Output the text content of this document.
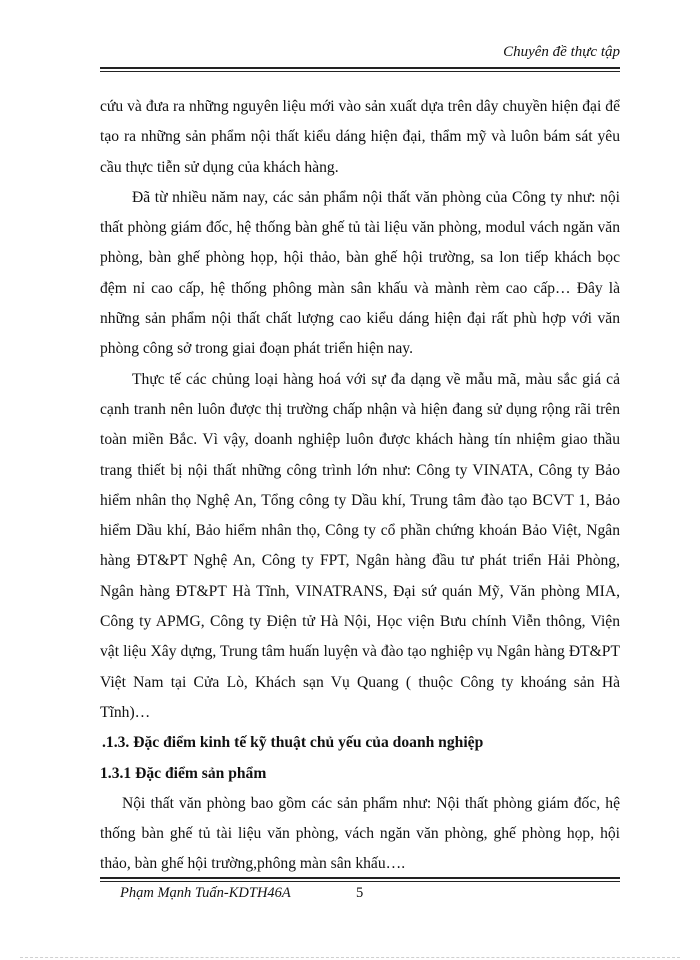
Chuyên đề thực tập

cứu và đưa ra những nguyên liệu mới vào sản xuất dựa trên dây chuyền hiện đại để tạo ra những sản phẩm nội thất kiểu dáng hiện đại, thẩm mỹ và luôn bám sát yêu cầu thực tiễn sử dụng của khách hàng.

Đã từ nhiều năm nay, các sản phẩm nội thất văn phòng của Công ty như: nội thất phòng giám đốc, hệ thống bàn ghế tủ tài liệu văn phòng, modul vách ngăn văn phòng, bàn ghế phòng họp, hội thảo, bàn ghế hội trường, sa lon tiếp khách bọc đệm nỉ cao cấp, hệ thống phông màn sân khấu và mành rèm cao cấp… Đây là những sản phẩm nội thất chất lượng cao kiểu dáng hiện đại rất phù hợp với văn phòng công sở trong giai đoạn phát triển hiện nay.

Thực tế các chủng loại hàng hoá với sự đa dạng về mẫu mã, màu sắc giá cả cạnh tranh nên luôn được thị trường chấp nhận và hiện đang sử dụng rộng rãi trên toàn miền Bắc. Vì vậy, doanh nghiệp luôn được khách hàng tín nhiệm giao thầu trang thiết bị nội thất những công trình lớn như: Công ty VINATA, Công ty Bảo hiểm nhân thọ Nghệ An, Tổng công ty Dầu khí, Trung tâm đào tạo BCVT 1, Bảo hiểm Dầu khí, Bảo hiểm nhân thọ, Công ty cổ phần chứng khoán Bảo Việt, Ngân hàng ĐT&PT Nghệ An, Công ty FPT, Ngân hàng đầu tư phát triển Hải Phòng, Ngân hàng ĐT&PT Hà Tĩnh, VINATRANS, Đại sứ quán Mỹ, Văn phòng MIA, Công ty APMG, Công ty Điện tử Hà Nội, Học viện Bưu chính Viễn thông, Viện vật liệu Xây dựng, Trung tâm huấn luyện và đào tạo nghiệp vụ Ngân hàng ĐT&PT Việt Nam tại Cửa Lò, Khách sạn Vụ Quang ( thuộc Công ty khoáng sản Hà Tĩnh)…

.1.3. Đặc điểm kinh tế kỹ thuật chủ yếu của doanh nghiệp

1.3.1 Đặc điểm sản phẩm

Nội thất văn phòng bao gồm các sản phẩm như: Nội thất phòng giám đốc, hệ thống bàn ghế tủ tài liệu văn phòng, vách ngăn văn phòng, ghế phòng họp, hội thảo, bàn ghế hội trường,phông màn sân khấu….

Phạm Mạnh Tuấn-KDTH46A	5
